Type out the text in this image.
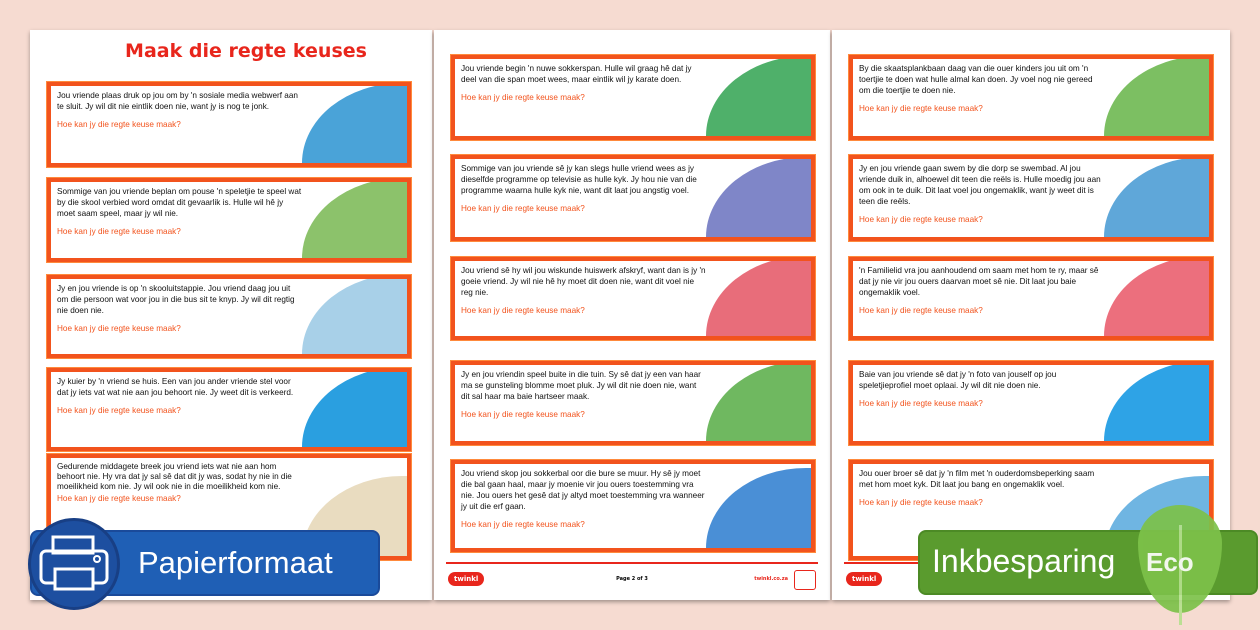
Maak die regte keuses
Jou vriende plaas druk op jou om by 'n sosiale media webwerf aan te sluit. Jy wil dit nie eintlik doen nie, want jy is nog te jonk.
Hoe kan jy die regte keuse maak?
Sommige van jou vriende beplan om pouse 'n speletjie te speel wat by die skool verbied word omdat dit gevaarlik is. Hulle wil hê jy moet saam speel, maar jy wil nie.
Hoe kan jy die regte keuse maak?
Jy en jou vriende is op 'n skooluitstappie. Jou vriend daag jou uit om die persoon wat voor jou in die bus sit te knyp. Jy wil dit regtig nie doen nie.
Hoe kan jy die regte keuse maak?
Jy kuier by 'n vriend se huis. Een van jou ander vriende stel voor dat jy iets vat wat nie aan jou behoort nie. Jy weet dit is verkeerd.
Hoe kan jy die regte keuse maak?
Gedurende middagete breek jou vriend iets wat nie aan hom behoort nie. Hy vra dat jy sal sê dat dit jy was, sodat hy nie in die moeilikheid kom nie. Jy wil ook nie in die moeilikheid kom nie.
Hoe kan jy die regte keuse maak?
twinkl	Page 2 of 3	twinkl.co.za
Jou vriende begin 'n nuwe sokkerspan. Hulle wil graag hê dat jy deel van die span moet wees, maar eintlik wil jy karate doen.
Hoe kan jy die regte keuse maak?
Sommige van jou vriende sê jy kan slegs hulle vriend wees as jy dieselfde programme op televisie as hulle kyk. Jy hou nie van die programme waarna hulle kyk nie, want dit laat jou angstig voel.
Hoe kan jy die regte keuse maak?
Jou vriend sê hy wil jou wiskunde huiswerk afskryf, want dan is jy 'n goeie vriend. Jy wil nie hê hy moet dit doen nie, want dit voel nie reg nie.
Hoe kan jy die regte keuse maak?
Jy en jou vriendin speel buite in die tuin. Sy sê dat jy een van haar ma se gunsteling blomme moet pluk. Jy wil dit nie doen nie, want dit sal haar ma baie hartseer maak.
Hoe kan jy die regte keuse maak?
Jou vriend skop jou sokkerbal oor die bure se muur. Hy sê jy moet die bal gaan haal, maar jy moenie vir jou ouers toestemming vra nie. Jou ouers het gesê dat jy altyd moet toestemming vra wanneer jy uit die erf gaan.
Hoe kan jy die regte keuse maak?
twinkl
By die skaatsplankbaan daag van die ouer kinders jou uit om 'n toertjie te doen wat hulle almal kan doen. Jy voel nog nie gereed om die toertjie te doen nie.
Hoe kan jy die regte keuse maak?
Jy en jou vriende gaan swem by die dorp se swembad. Al jou vriende duik in, alhoewel dit teen die reëls is. Hulle moedig jou aan om ook in te duik. Dit laat voel jou ongemaklik, want jy weet dit is teen die reëls.
Hoe kan jy die regte keuse maak?
'n Familielid vra jou aanhoudend om saam met hom te ry, maar sê dat jy nie vir jou ouers daarvan moet sê nie. Dit laat jou baie ongemaklik voel.
Hoe kan jy die regte keuse maak?
Baie van jou vriende sê dat jy 'n foto van jouself op jou speletjieprofiel moet oplaai. Jy wil dit nie doen nie.
Hoe kan jy die regte keuse maak?
Jou ouer broer sê dat jy 'n film met 'n ouderdomsbeperking saam met hom moet kyk. Dit laat jou bang en ongemaklik voel.
Hoe kan jy die regte keuse maak?
Papierformaat	Inkbesparing Eco
